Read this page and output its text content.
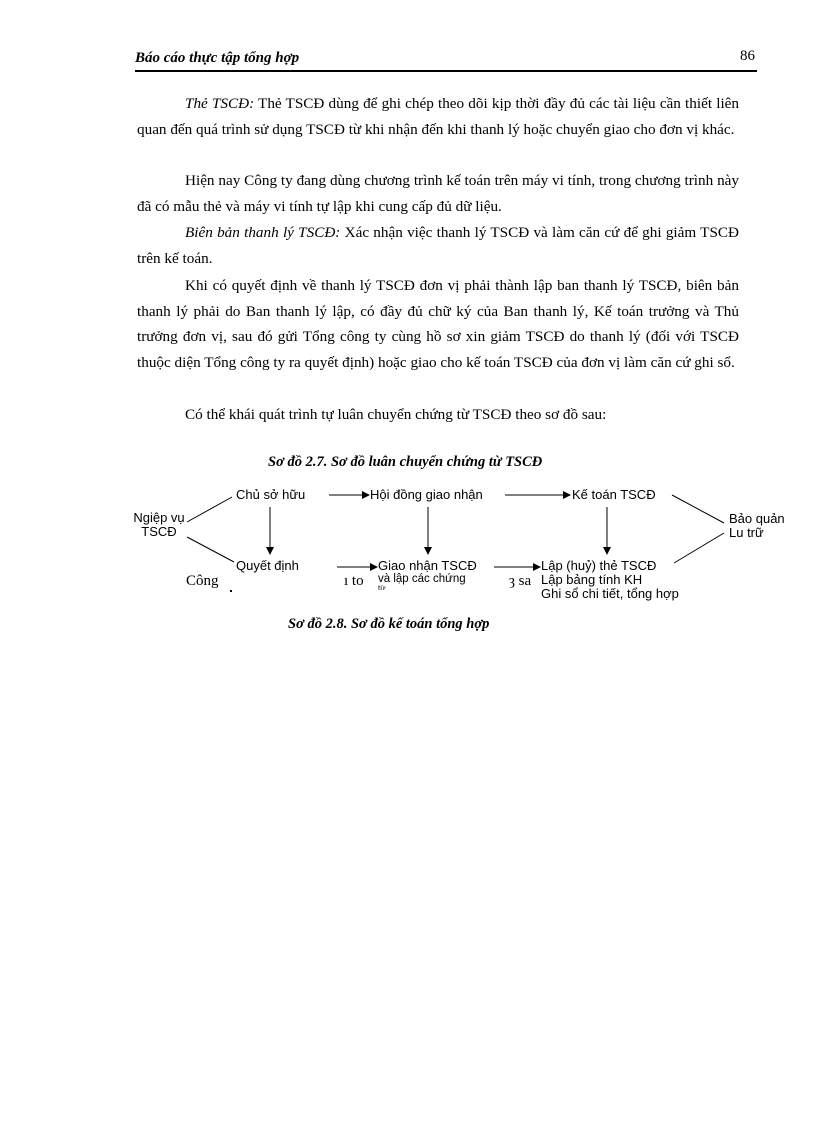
Báo cáo thực tập tổng hợp	86

Thẻ TSCĐ: Thẻ TSCĐ dùng để ghi chép theo dõi kịp thời đầy đủ các tài liệu cần thiết liên quan đến quá trình sử dụng TSCĐ từ khi nhận đến khi thanh lý hoặc chuyển giao cho đơn vị khác.

Hiện nay Công ty đang dùng chương trình kế toán trên máy vi tính, trong chương trình này đã có mẫu thẻ và máy vi tính tự lập khi cung cấp đủ dữ liệu.

Biên bản thanh lý TSCĐ: Xác nhận việc thanh lý TSCĐ và làm căn cứ để ghi giảm TSCĐ trên kế toán.

Khi có quyết định về thanh lý TSCĐ đơn vị phải thành lập ban thanh lý TSCĐ, biên bản thanh lý phải do Ban thanh lý lập, có đầy đủ chữ ký của Ban thanh lý, Kế toán trưởng và Thủ trưởng đơn vị, sau đó gửi Tổng công ty cùng hồ sơ xin giảm TSCĐ do thanh lý (đối với TSCĐ thuộc diện Tổng công ty ra quyết định) hoặc giao cho kế toán TSCĐ của đơn vị làm căn cứ ghi sổ.

Có thể khái quát trình tự luân chuyển chứng từ TSCĐ theo sơ đồ sau:

Sơ đồ 2.7. Sơ đồ luân chuyển chứng từ TSCĐ
Ngiệp vụ
TSCĐ
Chủ sở hữu	Hội đồng giao nhận	Kế toán TSCĐ
Quyết định	Giao nhận TSCĐ
và lập các chứng
từ
Lập (huỷ) thẻ TSCĐ
Lập bảng tính KH
Ghi sổ chi tiết, tổng hợp
Bảo quản
Lu trữ
Công	ı to	ȝ sa
Sơ đồ 2.8. Sơ đồ kế toán tổng hợp
